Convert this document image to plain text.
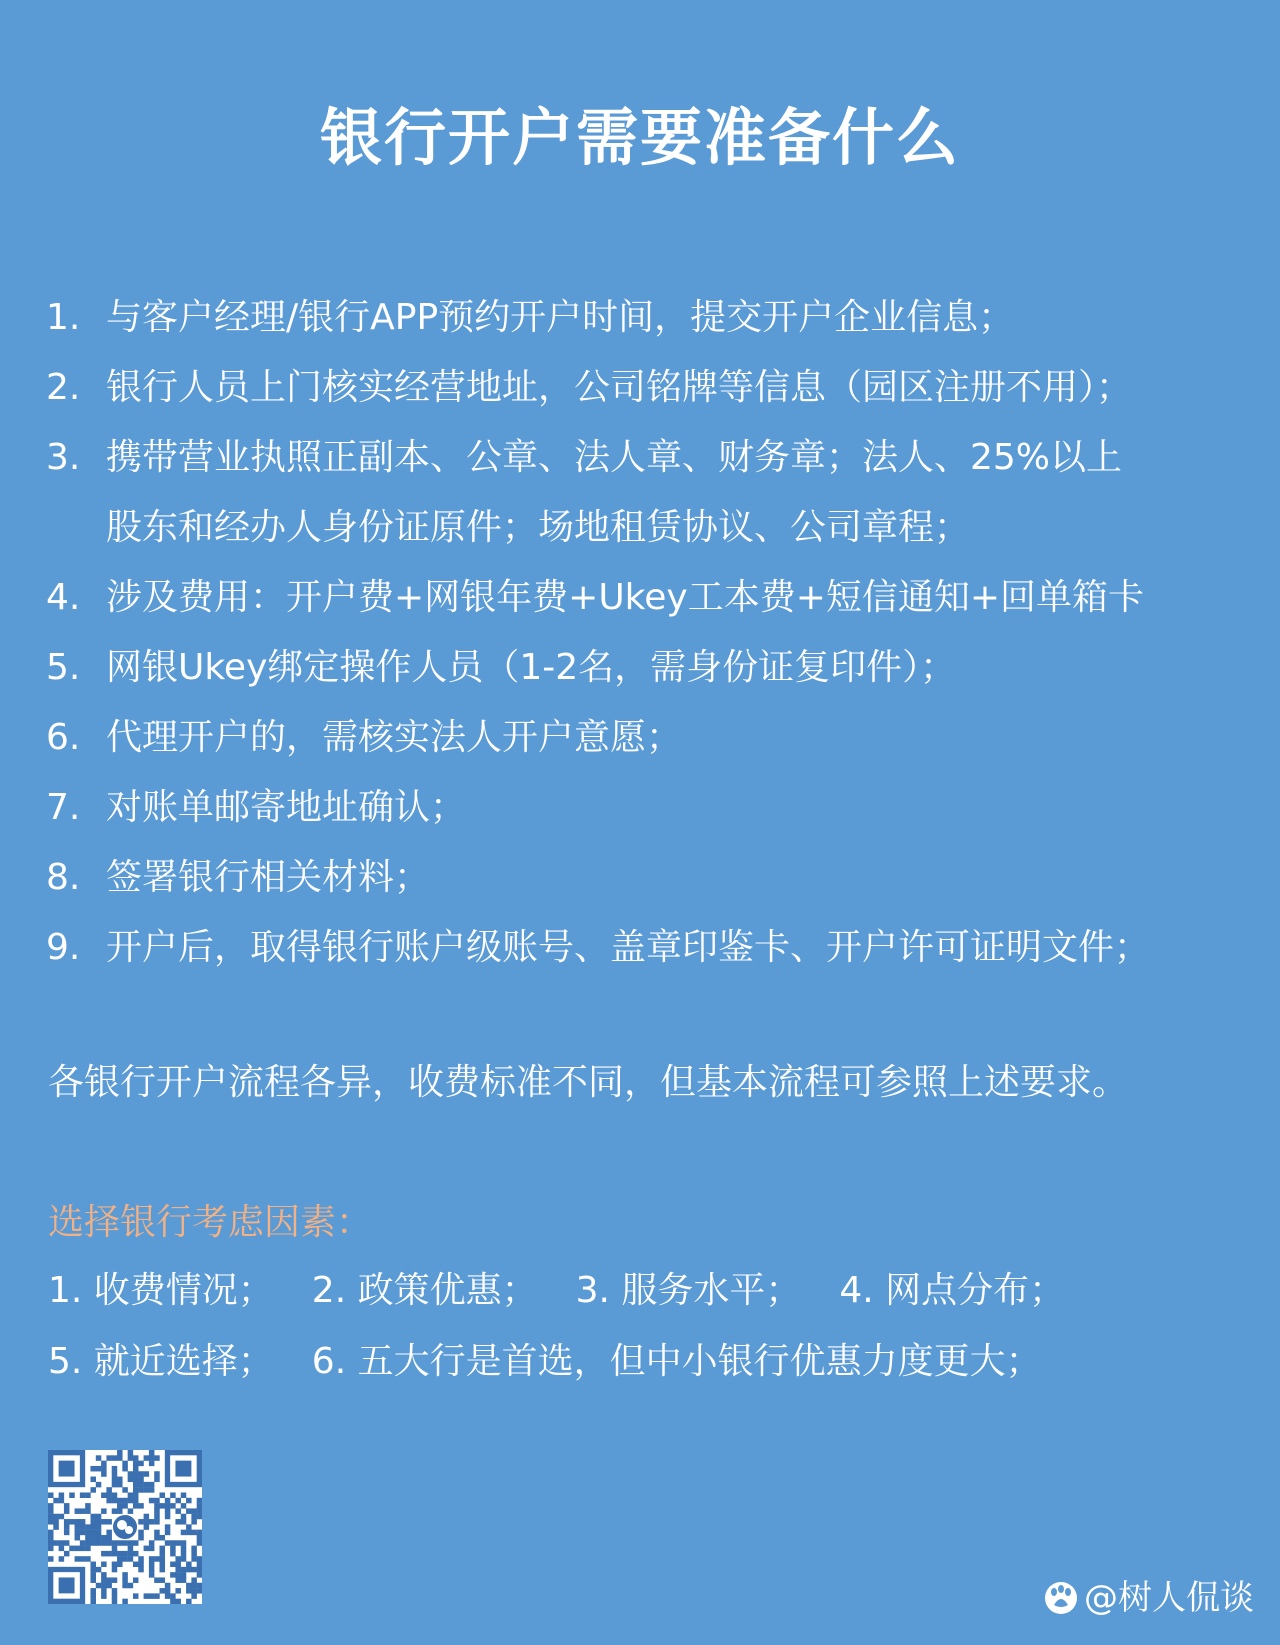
银行开户需要准备什么
1. 与客户经理/银行APP预约开户时间，提交开户企业信息；
2. 银行人员上门核实经营地址，公司铭牌等信息（园区注册不用）；
3. 携带营业执照正副本、公章、法人章、财务章；法人、25%以上
股东和经办人身份证原件；场地租赁协议、公司章程；
4. 涉及费用：开户费+网银年费+Ukey工本费+短信通知+回单箱卡
5. 网银Ukey绑定操作人员（1-2名，需身份证复印件）；
6. 代理开户的，需核实法人开户意愿；
7. 对账单邮寄地址确认；
8. 签署银行相关材料；
9. 开户后，取得银行账户级账号、盖章印鉴卡、开户许可证明文件；
各银行开户流程各异，收费标准不同，但基本流程可参照上述要求。
选择银行考虑因素：
1. 收费情况； 2. 政策优惠； 3. 服务水平； 4. 网点分布；
5. 就近选择； 6. 五大行是首选，但中小银行优惠力度更大；
@树人侃谈
